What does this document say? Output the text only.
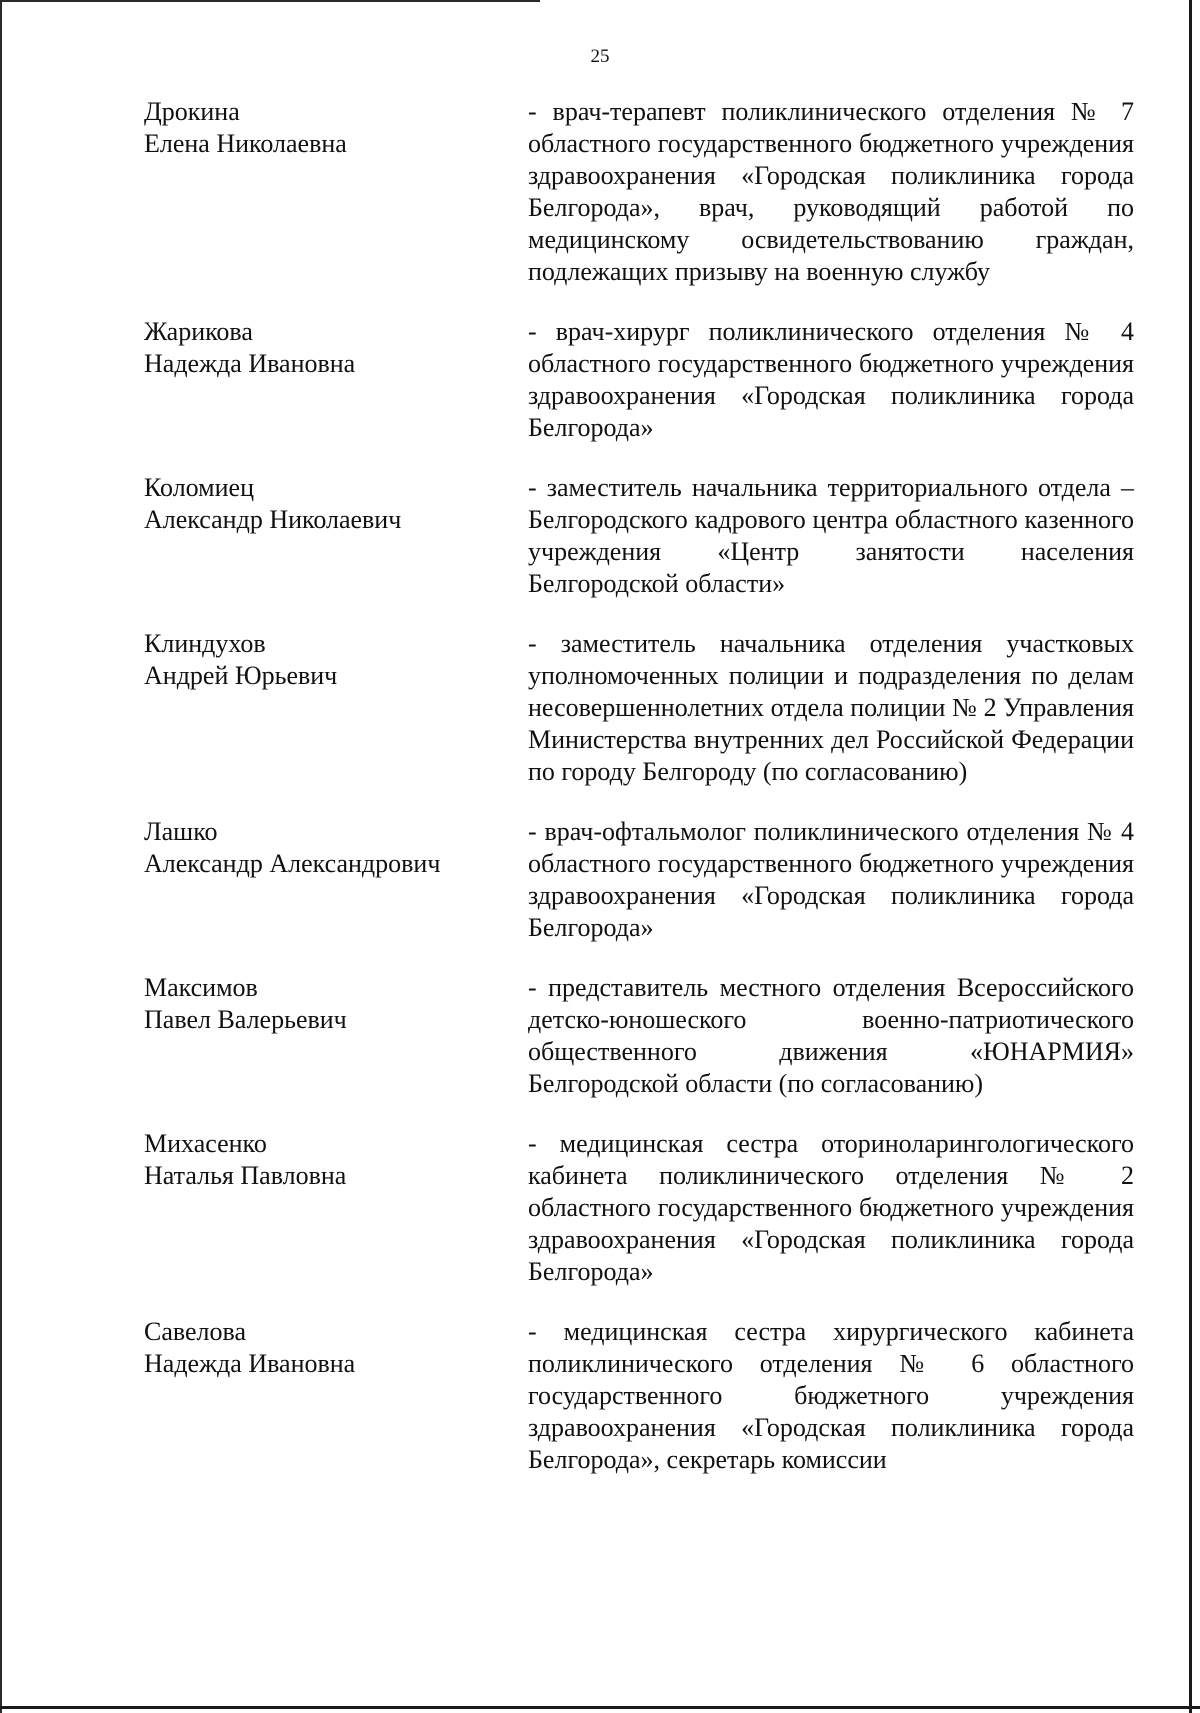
25
Дрокина
Елена Николаевна
- врач-терапевт поликлинического отделения № 7 областного государственного бюджетного учреждения здравоохранения «Городская поликлиника города Белгорода», врач, руководящий работой по медицинскому освидетельствованию граждан, подлежащих призыву на военную службу
Жарикова
Надежда Ивановна
- врач-хирург поликлинического отделения № 4 областного государственного бюджетного учреждения здравоохранения «Городская поликлиника города Белгорода»
Коломиец
Александр Николаевич
- заместитель начальника территориального отдела – Белгородского кадрового центра областного казенного учреждения «Центр занятости населения Белгородской области»
Клиндухов
Андрей Юрьевич
- заместитель начальника отделения участковых уполномоченных полиции и подразделения по делам несовершеннолетних отдела полиции № 2 Управления Министерства внутренних дел Российской Федерации по городу Белгороду (по согласованию)
Лашко
Александр Александрович
- врач-офтальмолог поликлинического отделения № 4 областного государственного бюджетного учреждения здравоохранения «Городская поликлиника города Белгорода»
Максимов
Павел Валерьевич
- представитель местного отделения Всероссийского детско-юношеского военно-патриотического общественного движения «ЮНАРМИЯ» Белгородской области (по согласованию)
Михасенко
Наталья Павловна
- медицинская сестра оториноларингологического кабинета поликлинического отделения № 2 областного государственного бюджетного учреждения здравоохранения «Городская поликлиника города Белгорода»
Савелова
Надежда Ивановна
- медицинская сестра хирургического кабинета поликлинического отделения № 6 областного государственного бюджетного учреждения здравоохранения «Городская поликлиника города Белгорода», секретарь комиссии
